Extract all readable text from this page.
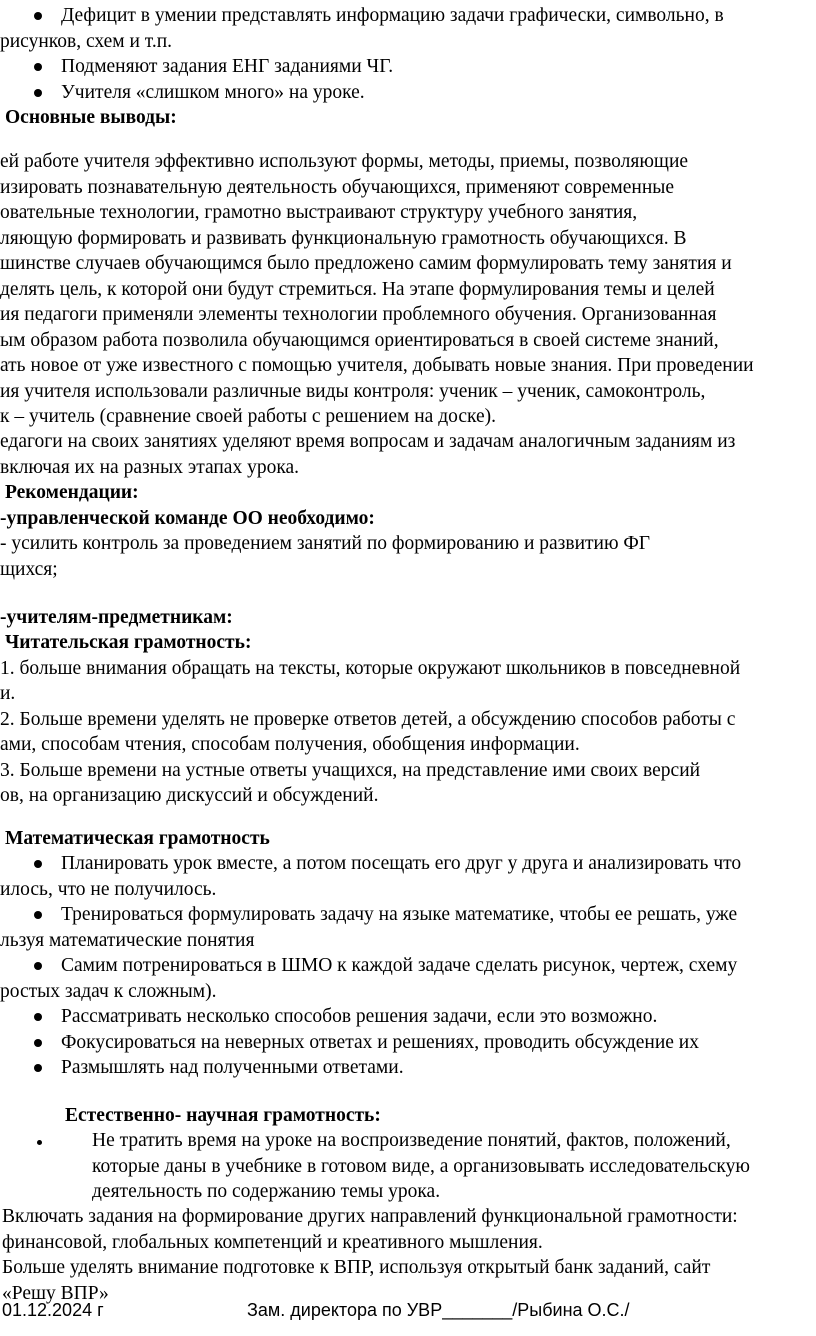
Дефицит в умении представлять информацию задачи графически, символьно, в
рисунков, схем и т.п.
Подменяют задания ЕНГ заданиями ЧГ.
Учителя «слишком много» на уроке.
Основные выводы:
ей работе учителя эффективно используют формы, методы, приемы, позволяющие
изировать познавательную деятельность обучающихся, применяют современные
овательные технологии, грамотно выстраивают структуру учебного занятия,
ляющую формировать и развивать функциональную грамотность обучающихся. В
шинстве случаев обучающимся было предложено самим формулировать тему занятия и
делять цель, к которой они будут стремиться. На этапе формулирования темы и целей
ия педагоги применяли элементы технологии проблемного обучения. Организованная
ым образом работа позволила обучающимся ориентироваться в своей системе знаний,
ать новое от уже известного с помощью учителя, добывать новые знания. При проведении
ия учителя использовали различные виды контроля: ученик – ученик, самоконтроль,
к – учитель (сравнение своей работы с решением на доске).
едагоги на своих занятиях уделяют время вопросам и задачам аналогичным заданиям из
включая их на разных этапах урока.
Рекомендации:
-управленческой команде ОО необходимо:
- усилить контроль за проведением занятий по формированию и развитию ФГ
щихся;
-учителям-предметникам:
Читательская грамотность:
1. больше внимания обращать на тексты, которые окружают школьников в повседневной
и.
2. Больше времени уделять не проверке ответов детей, а обсуждению способов работы с
ами, способам чтения, способам получения, обобщения информации.
3. Больше времени на устные ответы учащихся, на представление ими своих версий
ов, на организацию дискуссий и обсуждений.
Математическая грамотность
Планировать урок вместе, а потом посещать его друг у друга и анализировать что
илось, что не получилось.
Тренироваться формулировать задачу на языке математике, чтобы ее решать, уже
льзуя математические понятия
Самим потренироваться в ШМО к каждой задаче сделать рисунок, чертеж, схему
ростых задач к сложным).
Рассматривать несколько способов решения задачи, если это возможно.
Фокусироваться на неверных ответах и решениях, проводить обсуждение их
Размышлять над полученными ответами.
Естественно- научная грамотность:
Не тратить время на уроке на воспроизведение понятий, фактов, положений,
которые даны в учебнике в готовом виде, а организовывать исследовательскую
деятельность по содержанию темы урока.
Включать задания на формирование других направлений функциональной грамотности:
финансовой, глобальных компетенций и креативного мышления.
Больше уделять внимание подготовке к ВПР, используя открытый банк заданий, сайт
«Решу ВПР»
01.12.2024 г	Зам. директора по УВР_______/Рыбина О.С./
